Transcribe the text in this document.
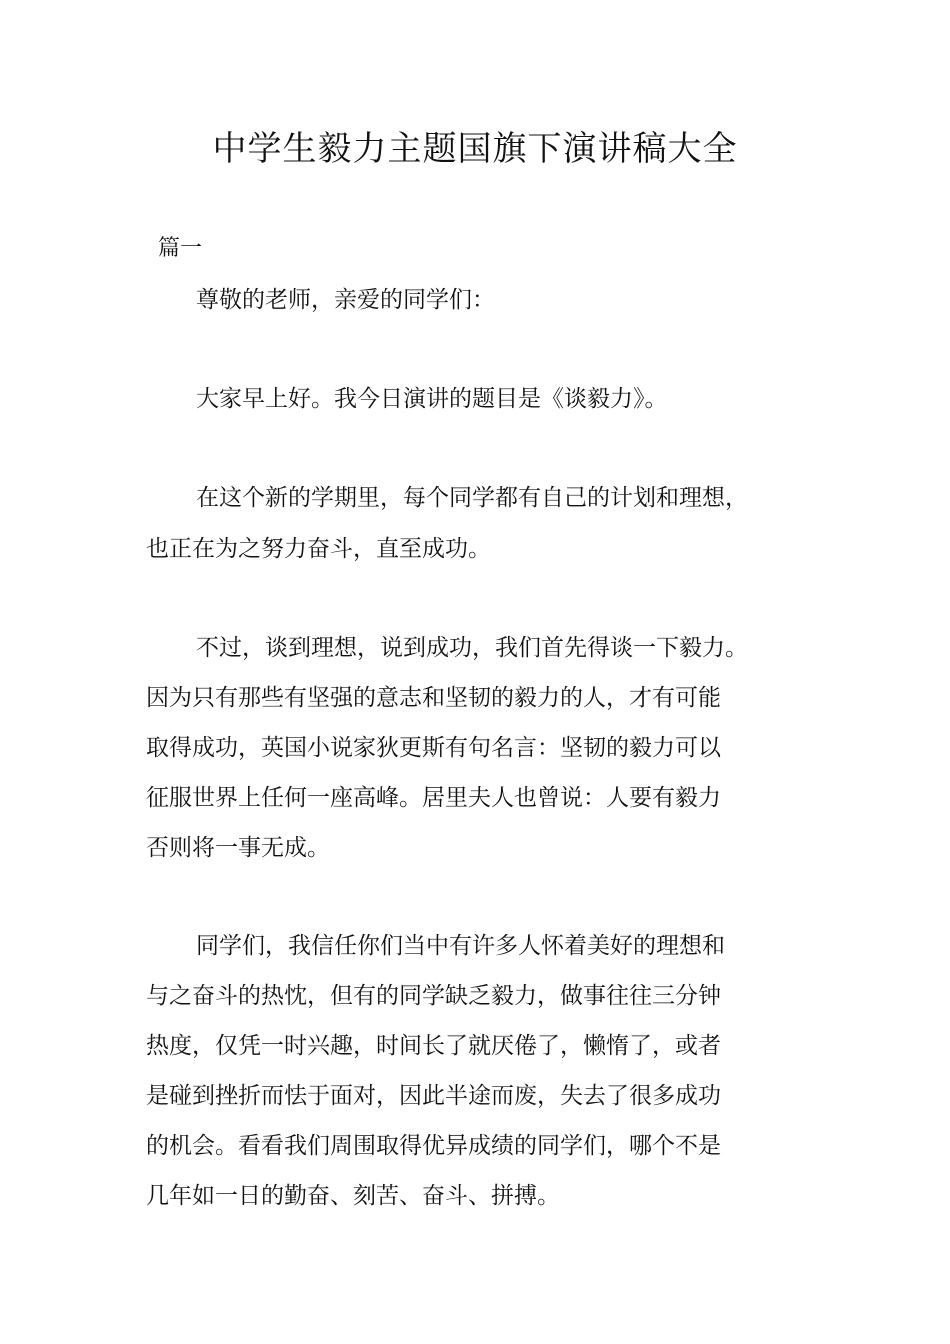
中学生毅力主题国旗下演讲稿大全

篇一

尊敬的老师，亲爱的同学们：

大家早上好。我今日演讲的题目是《谈毅力》。

在这个新的学期里，每个同学都有自己的计划和理想，

也正在为之努力奋斗，直至成功。

不过，谈到理想，说到成功，我们首先得谈一下毅力。

因为只有那些有坚强的意志和坚韧的毅力的人，才有可能

取得成功，英国小说家狄更斯有句名言：坚韧的毅力可以

征服世界上任何一座高峰。居里夫人也曾说：人要有毅力

否则将一事无成。

同学们，我信任你们当中有许多人怀着美好的理想和

与之奋斗的热忱，但有的同学缺乏毅力，做事往往三分钟

热度，仅凭一时兴趣，时间长了就厌倦了，懒惰了，或者

是碰到挫折而怯于面对，因此半途而废，失去了很多成功

的机会。看看我们周围取得优异成绩的同学们，哪个不是

几年如一日的勤奋、刻苦、奋斗、拼搏。
